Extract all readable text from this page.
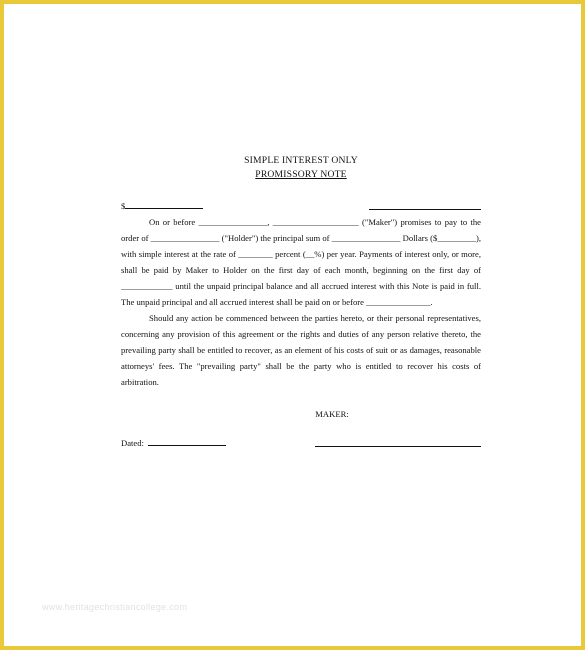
SIMPLE INTEREST ONLY
PROMISSORY NOTE
$

On or before ________________, ____________________ ("Maker") promises to pay to the order of ________________ ("Holder") the principal sum of ________________ Dollars ($_________), with simple interest at the rate of ________ percent (__%) per year. Payments of interest only, or more, shall be paid by Maker to Holder on the first day of each month, beginning on the first day of ____________ until the unpaid principal balance and all accrued interest with this Note is paid in full. The unpaid principal and all accrued interest shall be paid on or before _______________.

Should any action be commenced between the parties hereto, or their personal representatives, concerning any provision of this agreement or the rights and duties of any person relative thereto, the prevailing party shall be entitled to recover, as an element of his costs of suit or as damages, reasonable attorneys' fees. The "prevailing party" shall be the party who is entitled to recover his costs of arbitration.

MAKER:
Dated:
www.heritagechristiancollege.com
